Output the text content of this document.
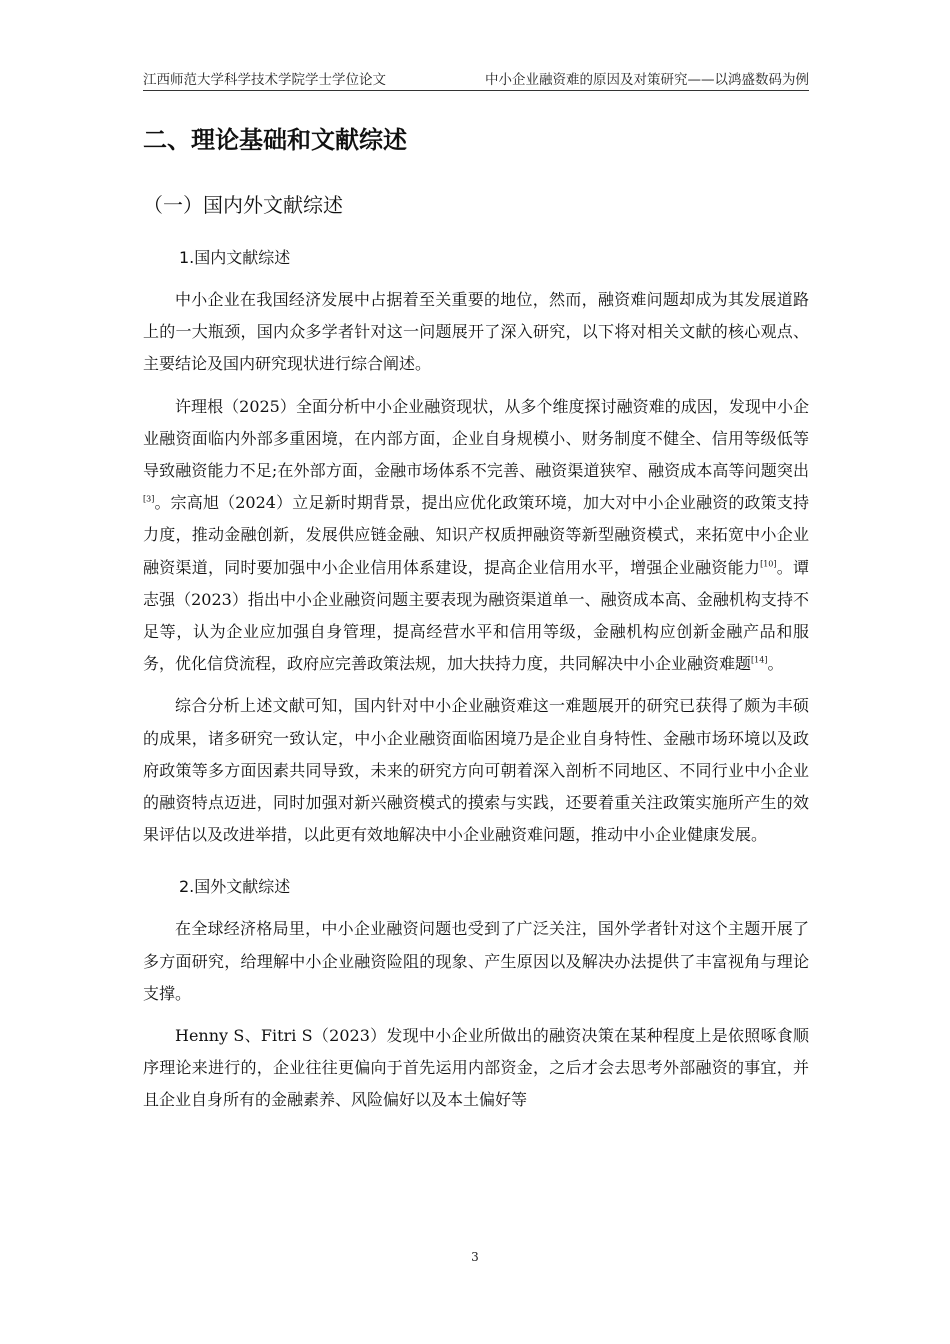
江西师范大学科学技术学院学士学位论文	中小企业融资难的原因及对策研究——以鸿盛数码为例
二、理论基础和文献综述
（一）国内外文献综述
1.国内文献综述

中小企业在我国经济发展中占据着至关重要的地位，然而，融资难问题却成为其发展道路上的一大瓶颈，国内众多学者针对这一问题展开了深入研究，以下将对相关文献的核心观点、主要结论及国内研究现状进行综合阐述。

许理根（2025）全面分析中小企业融资现状，从多个维度探讨融资难的成因，发现中小企业融资面临内外部多重困境，在内部方面，企业自身规模小、财务制度不健全、信用等级低等导致融资能力不足;在外部方面，金融市场体系不完善、融资渠道狭窄、融资成本高等问题突出[3]。宗高旭（2024）立足新时期背景，提出应优化政策环境，加大对中小企业融资的政策支持力度，推动金融创新，发展供应链金融、知识产权质押融资等新型融资模式，来拓宽中小企业融资渠道，同时要加强中小企业信用体系建设，提高企业信用水平，增强企业融资能力[10]。谭志强（2023）指出中小企业融资问题主要表现为融资渠道单一、融资成本高、金融机构支持不足等，认为企业应加强自身管理，提高经营水平和信用等级，金融机构应创新金融产品和服务，优化信贷流程，政府应完善政策法规，加大扶持力度，共同解决中小企业融资难题[14]。

综合分析上述文献可知，国内针对中小企业融资难这一难题展开的研究已获得了颇为丰硕的成果，诸多研究一致认定，中小企业融资面临困境乃是企业自身特性、金融市场环境以及政府政策等多方面因素共同导致，未来的研究方向可朝着深入剖析不同地区、不同行业中小企业的融资特点迈进，同时加强对新兴融资模式的摸索与实践，还要着重关注政策实施所产生的效果评估以及改进举措，以此更有效地解决中小企业融资难问题，推动中小企业健康发展。

2.国外文献综述

在全球经济格局里，中小企业融资问题也受到了广泛关注，国外学者针对这个主题开展了多方面研究，给理解中小企业融资险阻的现象、产生原因以及解决办法提供了丰富视角与理论支撑。

Henny S、Fitri S（2023）发现中小企业所做出的融资决策在某种程度上是依照啄食顺序理论来进行的，企业往往更偏向于首先运用内部资金，之后才会去思考外部融资的事宜，并且企业自身所有的金融素养、风险偏好以及本土偏好等

3
